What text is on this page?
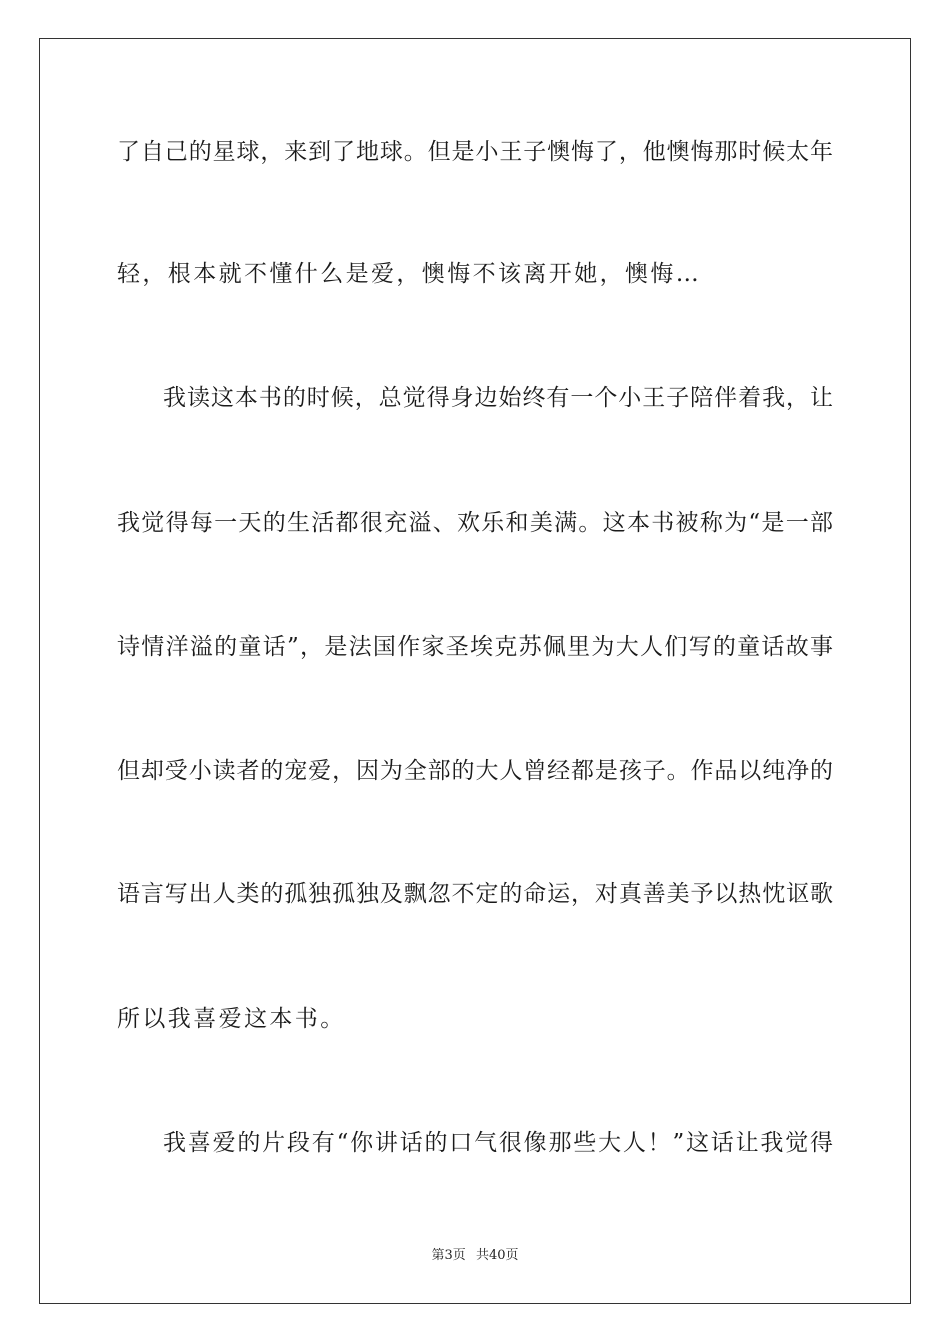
了自己的星球，来到了地球。但是小王子懊悔了，他懊悔那时候太年
轻，根本就不懂什么是爱，懊悔不该离开她，懊悔…
我读这本书的时候，总觉得身边始终有一个小王子陪伴着我，让
我觉得每一天的生活都很充溢、欢乐和美满。这本书被称为“是一部
诗情洋溢的童话”，是法国作家圣埃克苏佩里为大人们写的童话故事
但却受小读者的宠爱，因为全部的大人曾经都是孩子。作品以纯净的
语言写出人类的孤独孤独及飘忽不定的命运，对真善美予以热忱讴歌
所以我喜爱这本书。
我喜爱的片段有“你讲话的口气很像那些大人！”这话让我觉得
第3页 共40页
